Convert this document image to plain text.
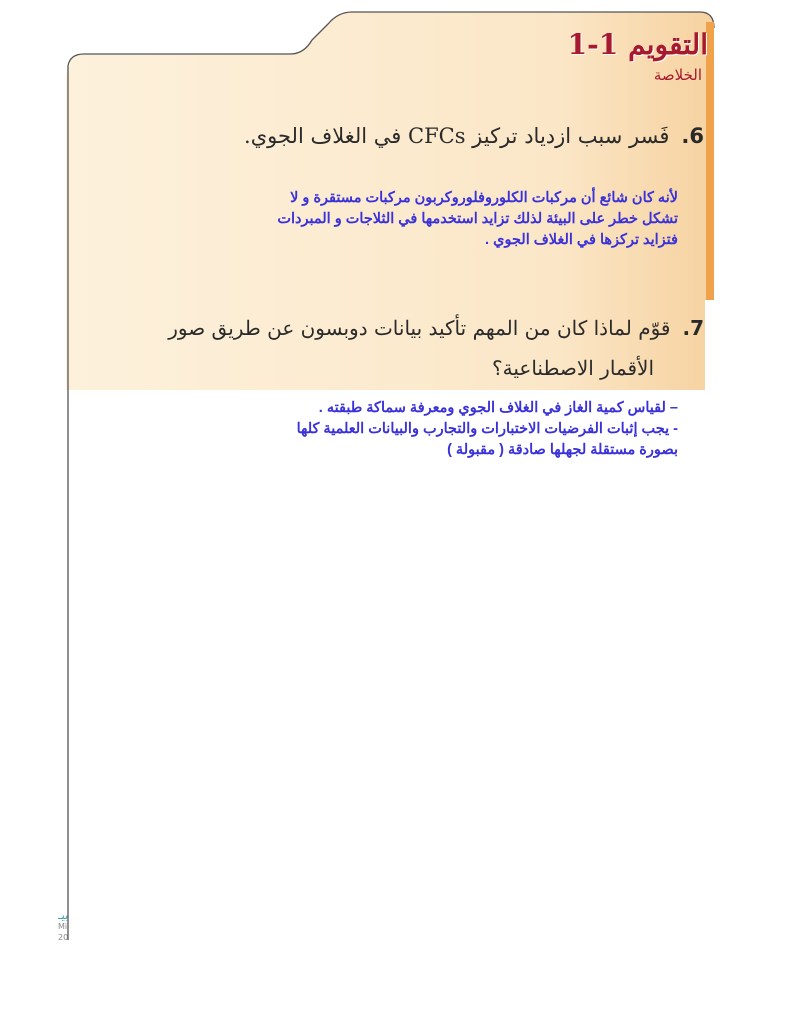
التقويم1-1
الخلاصة
6.فَسر سبب ازدياد تركيز CFCs في الغلاف الجوي.
لأنه كان شائع أن مركبات الكلوروفلوروكربون مركبات مستقرة و لا
تشكل خطر على البيئة لذلك تزايد استخدمها في الثلاجات و المبردات
فتزايد تركزها في الغلاف الجوي .
7.قوّم لماذا كان من المهم تأكيد بيانات دوبسون عن طريق صور
الأقمار الاصطناعية؟
– لقياس كمية الغاز في الغلاف الجوي ومعرفة سماكة طبقته .
- يجب إثبات الفرضيات الاختبارات والتجارب والبيانات العلمية كلها
بصورة مستقلة لجهلها صادقة ( مقبولة )
ﺑﻴـ
Mi
20
